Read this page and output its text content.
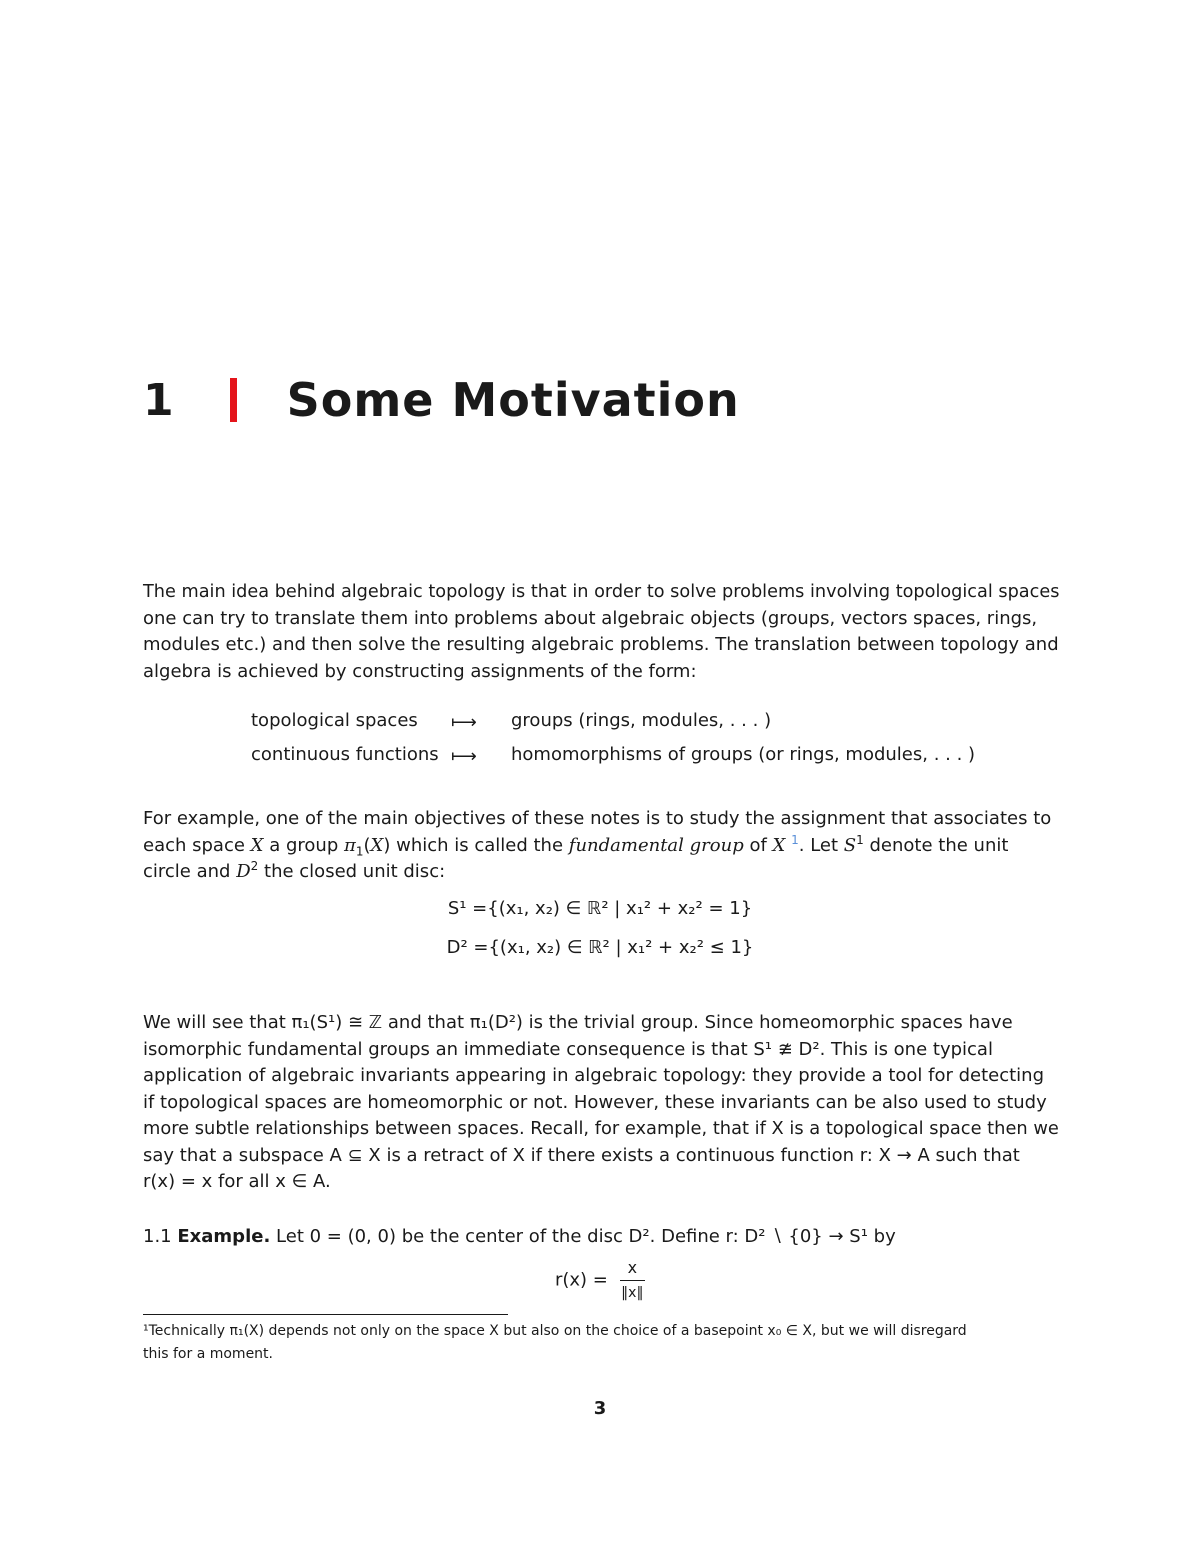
1 Some Motivation
The main idea behind algebraic topology is that in order to solve problems involving topological spaces
one can try to translate them into problems about algebraic objects (groups, vectors spaces, rings,
modules etc.) and then solve the resulting algebraic problems. The translation between topology and
algebra is achieved by constructing assignments of the form:
topological spaces ⟼ groups (rings, modules, . . . )
continuous functions ⟼ homomorphisms of groups (or rings, modules, . . . )
For example, one of the main objectives of these notes is to study the assignment that associates to
each space X a group $\pi_1(X)$ which is called the fundamental group of X $^1$. Let $S^1$ denote the unit
circle and $D^2$ the closed unit disc:
S¹ ={(x₁, x₂) ∈ ℝ² | x₁² + x₂² = 1}
D² ={(x₁, x₂) ∈ ℝ² | x₁² + x₂² ≤ 1}
We will see that π₁(S¹) ≅ ℤ and that π₁(D²) is the trivial group. Since homeomorphic spaces have
isomorphic fundamental groups an immediate consequence is that S¹ ≇ D². This is one typical
application of algebraic invariants appearing in algebraic topology: they provide a tool for detecting
if topological spaces are homeomorphic or not. However, these invariants can be also used to study
more subtle relationships between spaces. Recall, for example, that if X is a topological space then we
say that a subspace A ⊆ X is a retract of X if there exists a continuous function r: X → A such that
r(x) = x for all x ∈ A.
1.1 Example. Let 0 = (0, 0) be the center of the disc D². Define r: D² ∖ {0} → S¹ by
$r(x) = \frac{x}{‖x‖}$
¹Technically π₁(X) depends not only on the space X but also on the choice of a basepoint x₀ ∈ X, but we will disregard
this for a moment.
3
